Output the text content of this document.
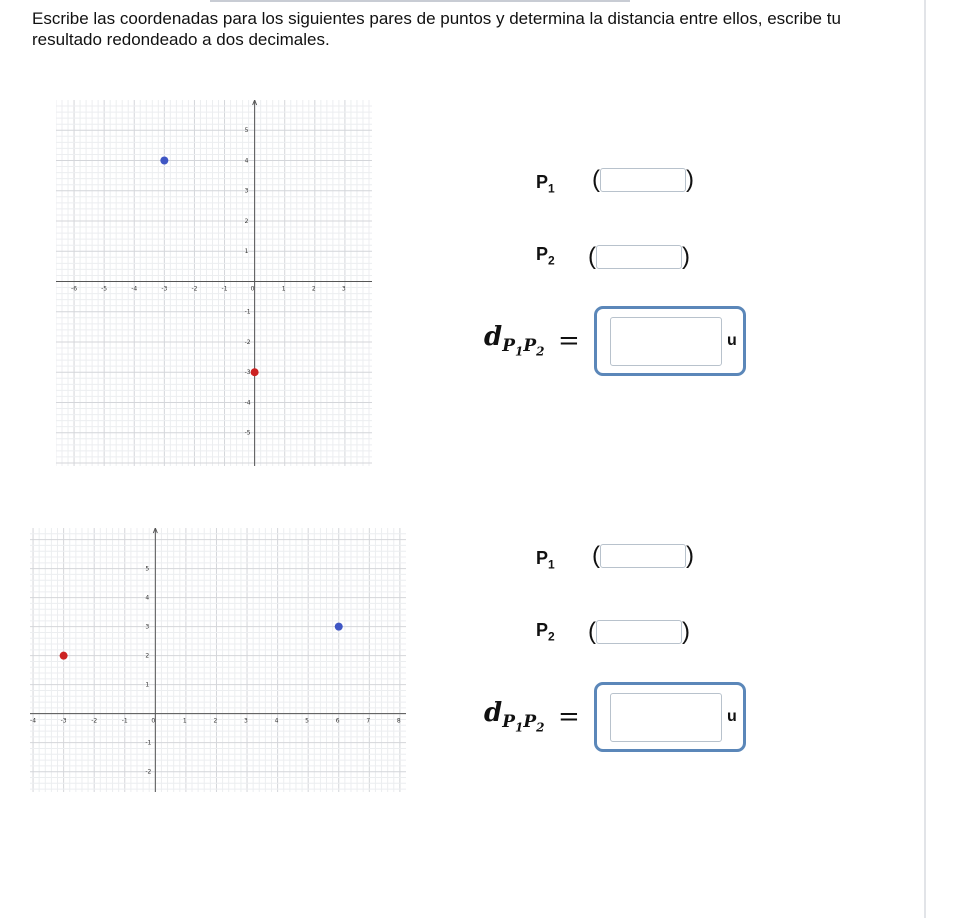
Escribe las coordenadas para los siguientes pares de puntos y determina la distancia entre ellos, escribe tu resultado redondeado a dos decimales.
-6	-5	-4	-3	-2	-1	0	1	2	3
5
4
3
2
1
-1
-2
-3
-4
-5
$P_1$ (	)
$P_2$ (	)
$d_{P_1P_2}$ =	u
-4	-3	-2	-1	0	1	2	3	4	5	6	7	8
5
4
3
2
1
-1
-2
$P_1$ (	)
$P_2$ (	)
$d_{P_1P_2}$ =	u
